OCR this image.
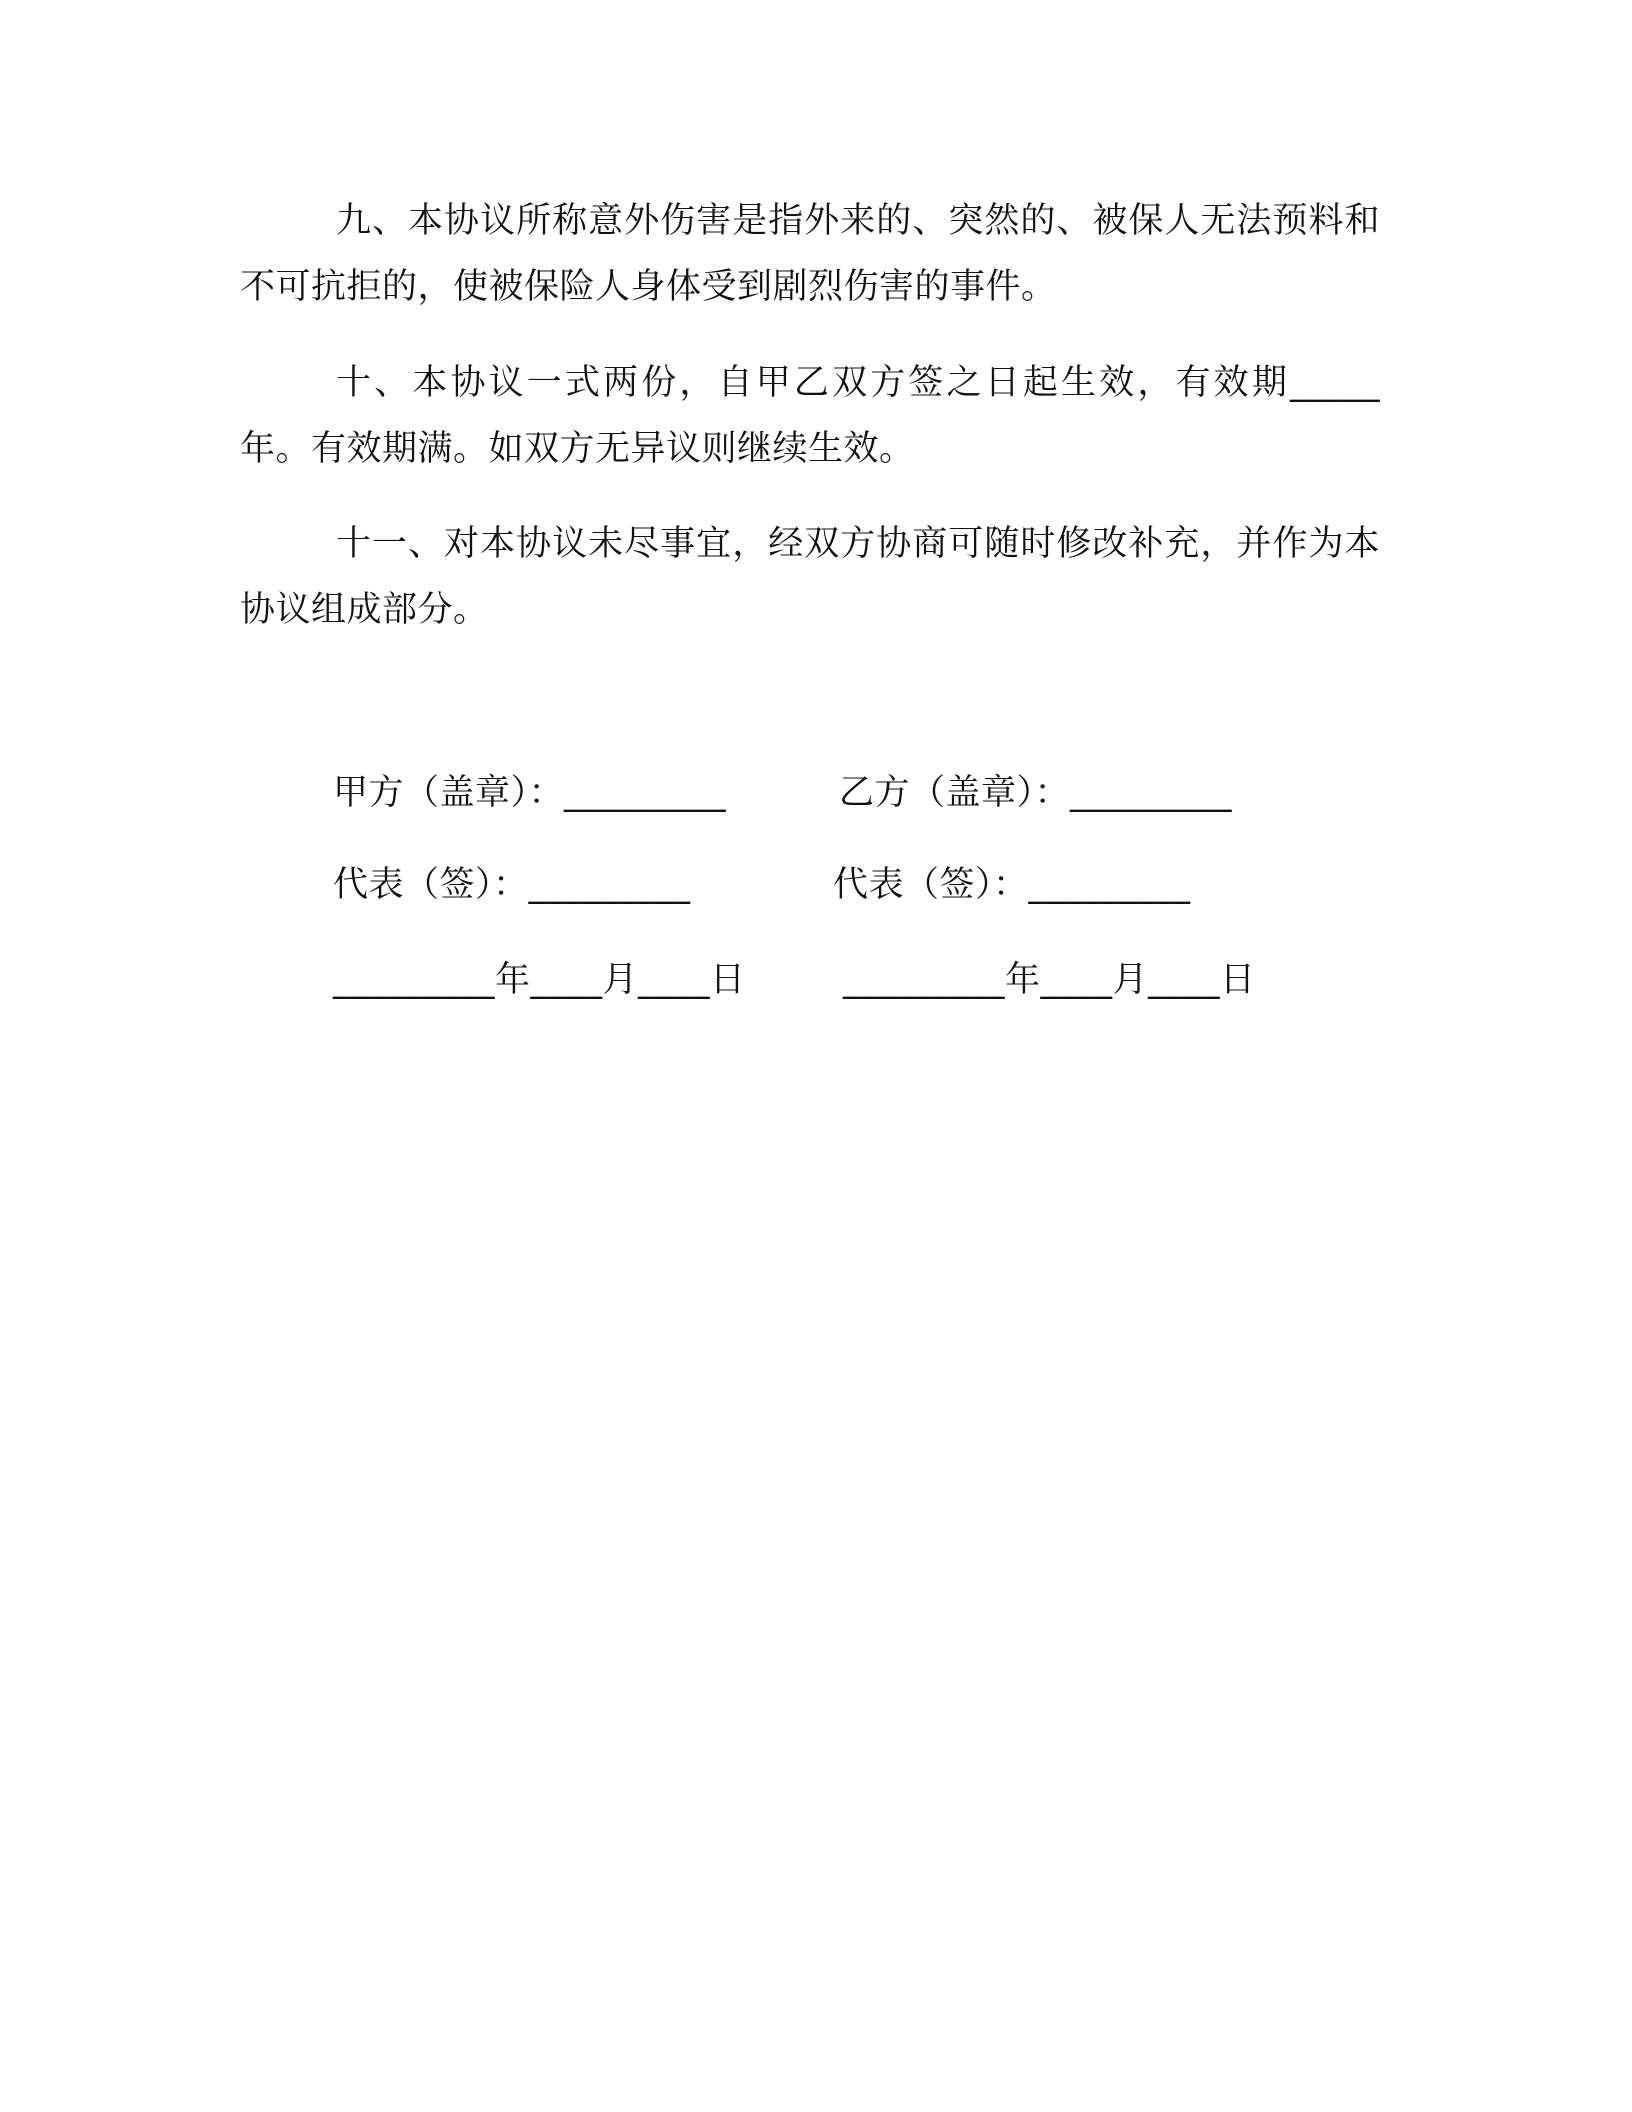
九、本协议所称意外伤害是指外来的、突然的、被保人无法预料和不可抗拒的，使被保险人身体受到剧烈伤害的事件。
十、本协议一式两份，自甲乙双方签之日起生效，有效期_____年。有效期满。如双方无异议则继续生效。
十一、对本协议未尽事宜，经双方协商可随时修改补充，并作为本协议组成部分。
甲方（盖章）：_________	乙方（盖章）：_________
代表（签）：_________	代表（签）：_________
_________年____月____日	_________年____月____日
